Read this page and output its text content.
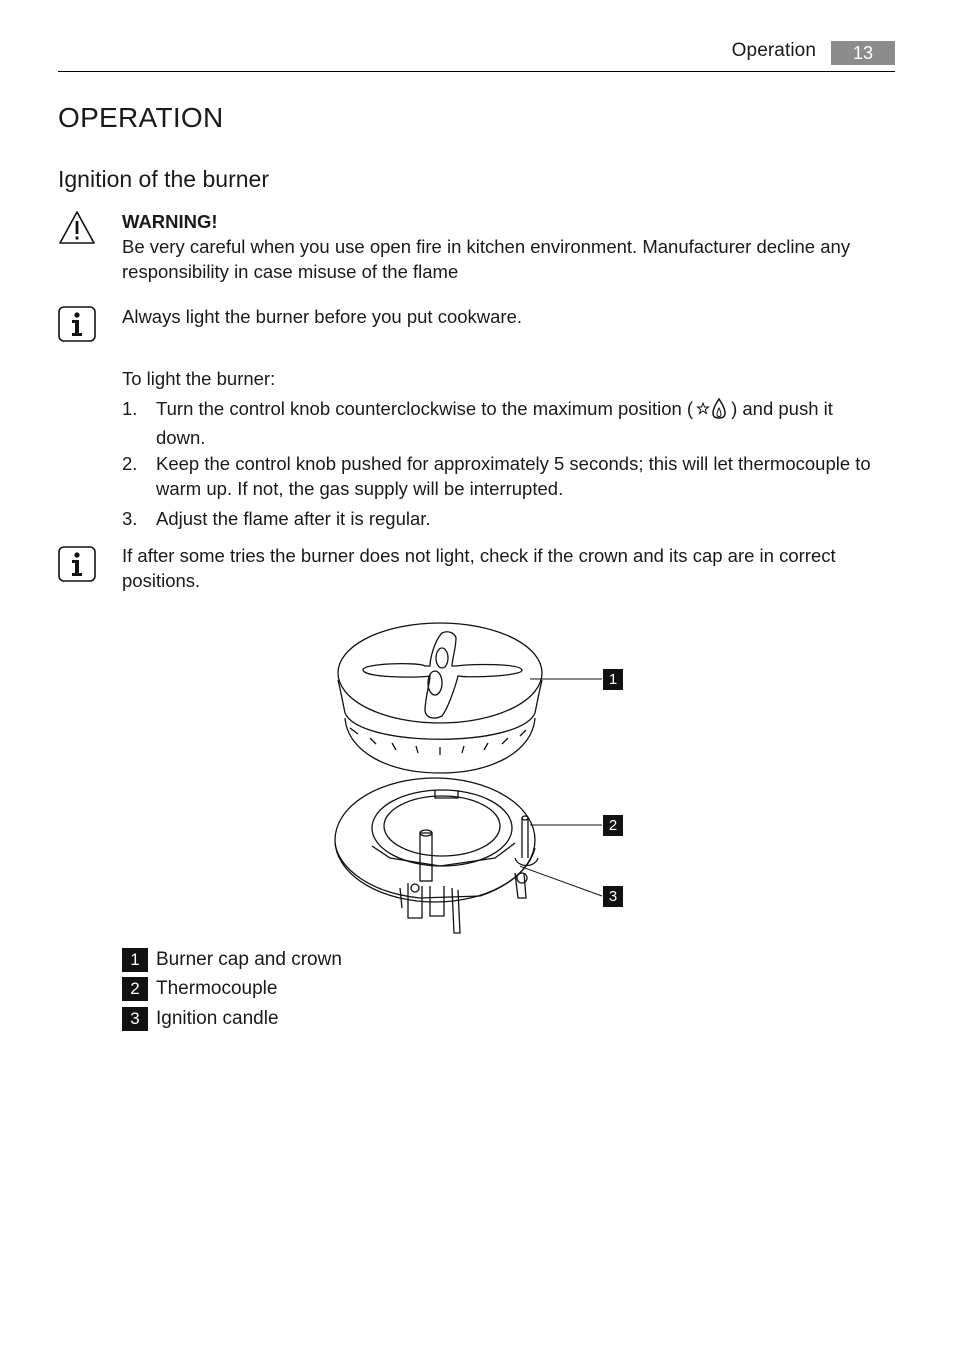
Operation	13
OPERATION
Ignition of the burner
WARNING!
Be very careful when you use open fire in kitchen environment. Manufacturer decline any responsibility in case misuse of the flame
Always light the burner before you put cookware.
To light the burner:
1.	Turn the control knob counterclockwise to the maximum position ( ) and push it down.
2.	Keep the control knob pushed for approximately 5 seconds; this will let thermocouple to warm up. If not, the gas supply will be interrupted.
3.	Adjust the flame after it is regular.
If after some tries the burner does not light, check if the crown and its cap are in correct positions.
1
2
3
1 Burner cap and crown
2 Thermocouple
3 Ignition candle
